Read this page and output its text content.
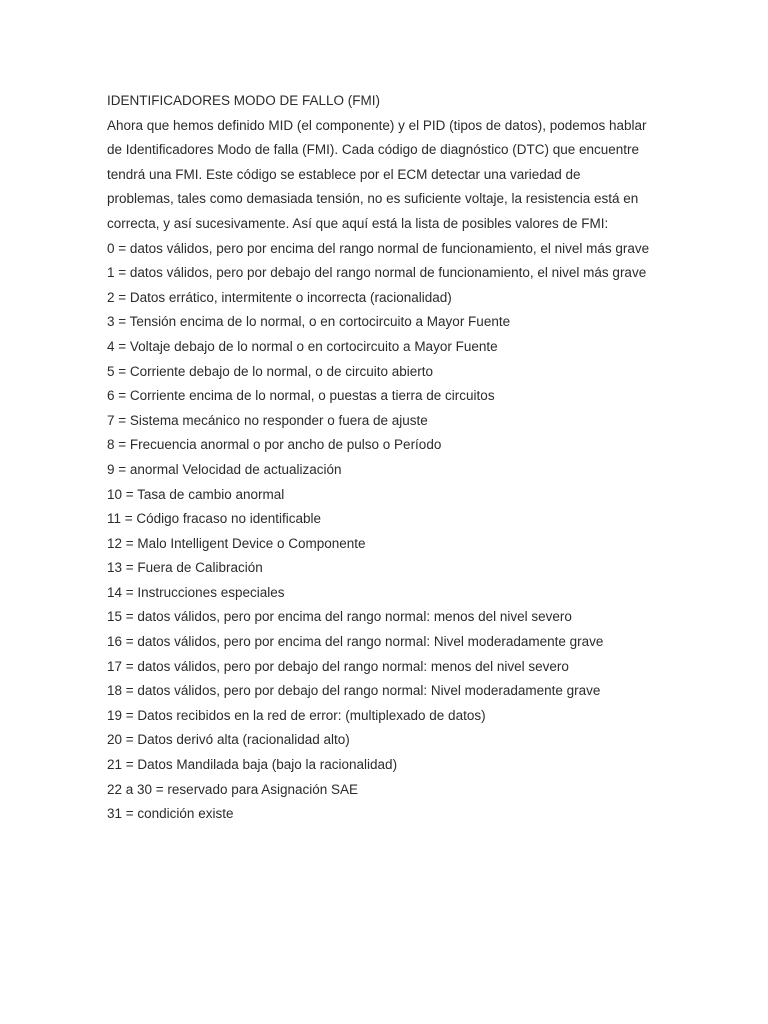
IDENTIFICADORES MODO DE FALLO (FMI)
Ahora que hemos definido MID (el componente) y el PID (tipos de datos), podemos hablar
de Identificadores Modo de falla (FMI). Cada código de diagnóstico (DTC) que encuentre
tendrá una FMI. Este código se establece por el ECM detectar una variedad de
problemas, tales como demasiada tensión, no es suficiente voltaje, la resistencia está en
correcta, y así sucesivamente. Así que aquí está la lista de posibles valores de FMI:
0 = datos válidos, pero por encima del rango normal de funcionamiento, el nivel más grave
1 = datos válidos, pero por debajo del rango normal de funcionamiento, el nivel más grave
2 = Datos errático, intermitente o incorrecta (racionalidad)
3 = Tensión encima de lo normal, o en cortocircuito a Mayor Fuente
4 = Voltaje debajo de lo normal o en cortocircuito a Mayor Fuente
5 = Corriente debajo de lo normal, o de circuito abierto
6 = Corriente encima de lo normal, o puestas a tierra de circuitos
7 = Sistema mecánico no responder o fuera de ajuste
8 = Frecuencia anormal o por ancho de pulso o Período
9 = anormal Velocidad de actualización
10 = Tasa de cambio anormal
11 = Código fracaso no identificable
12 = Malo Intelligent Device o Componente
13 = Fuera de Calibración
14 = Instrucciones especiales
15 = datos válidos, pero por encima del rango normal: menos del nivel severo
16 = datos válidos, pero por encima del rango normal: Nivel moderadamente grave
17 = datos válidos, pero por debajo del rango normal: menos del nivel severo
18 = datos válidos, pero por debajo del rango normal: Nivel moderadamente grave
19 = Datos recibidos en la red de error: (multiplexado de datos)
20 = Datos derivó alta (racionalidad alto)
21 = Datos Mandilada baja (bajo la racionalidad)
22 a 30 = reservado para Asignación SAE
31 = condición existe
